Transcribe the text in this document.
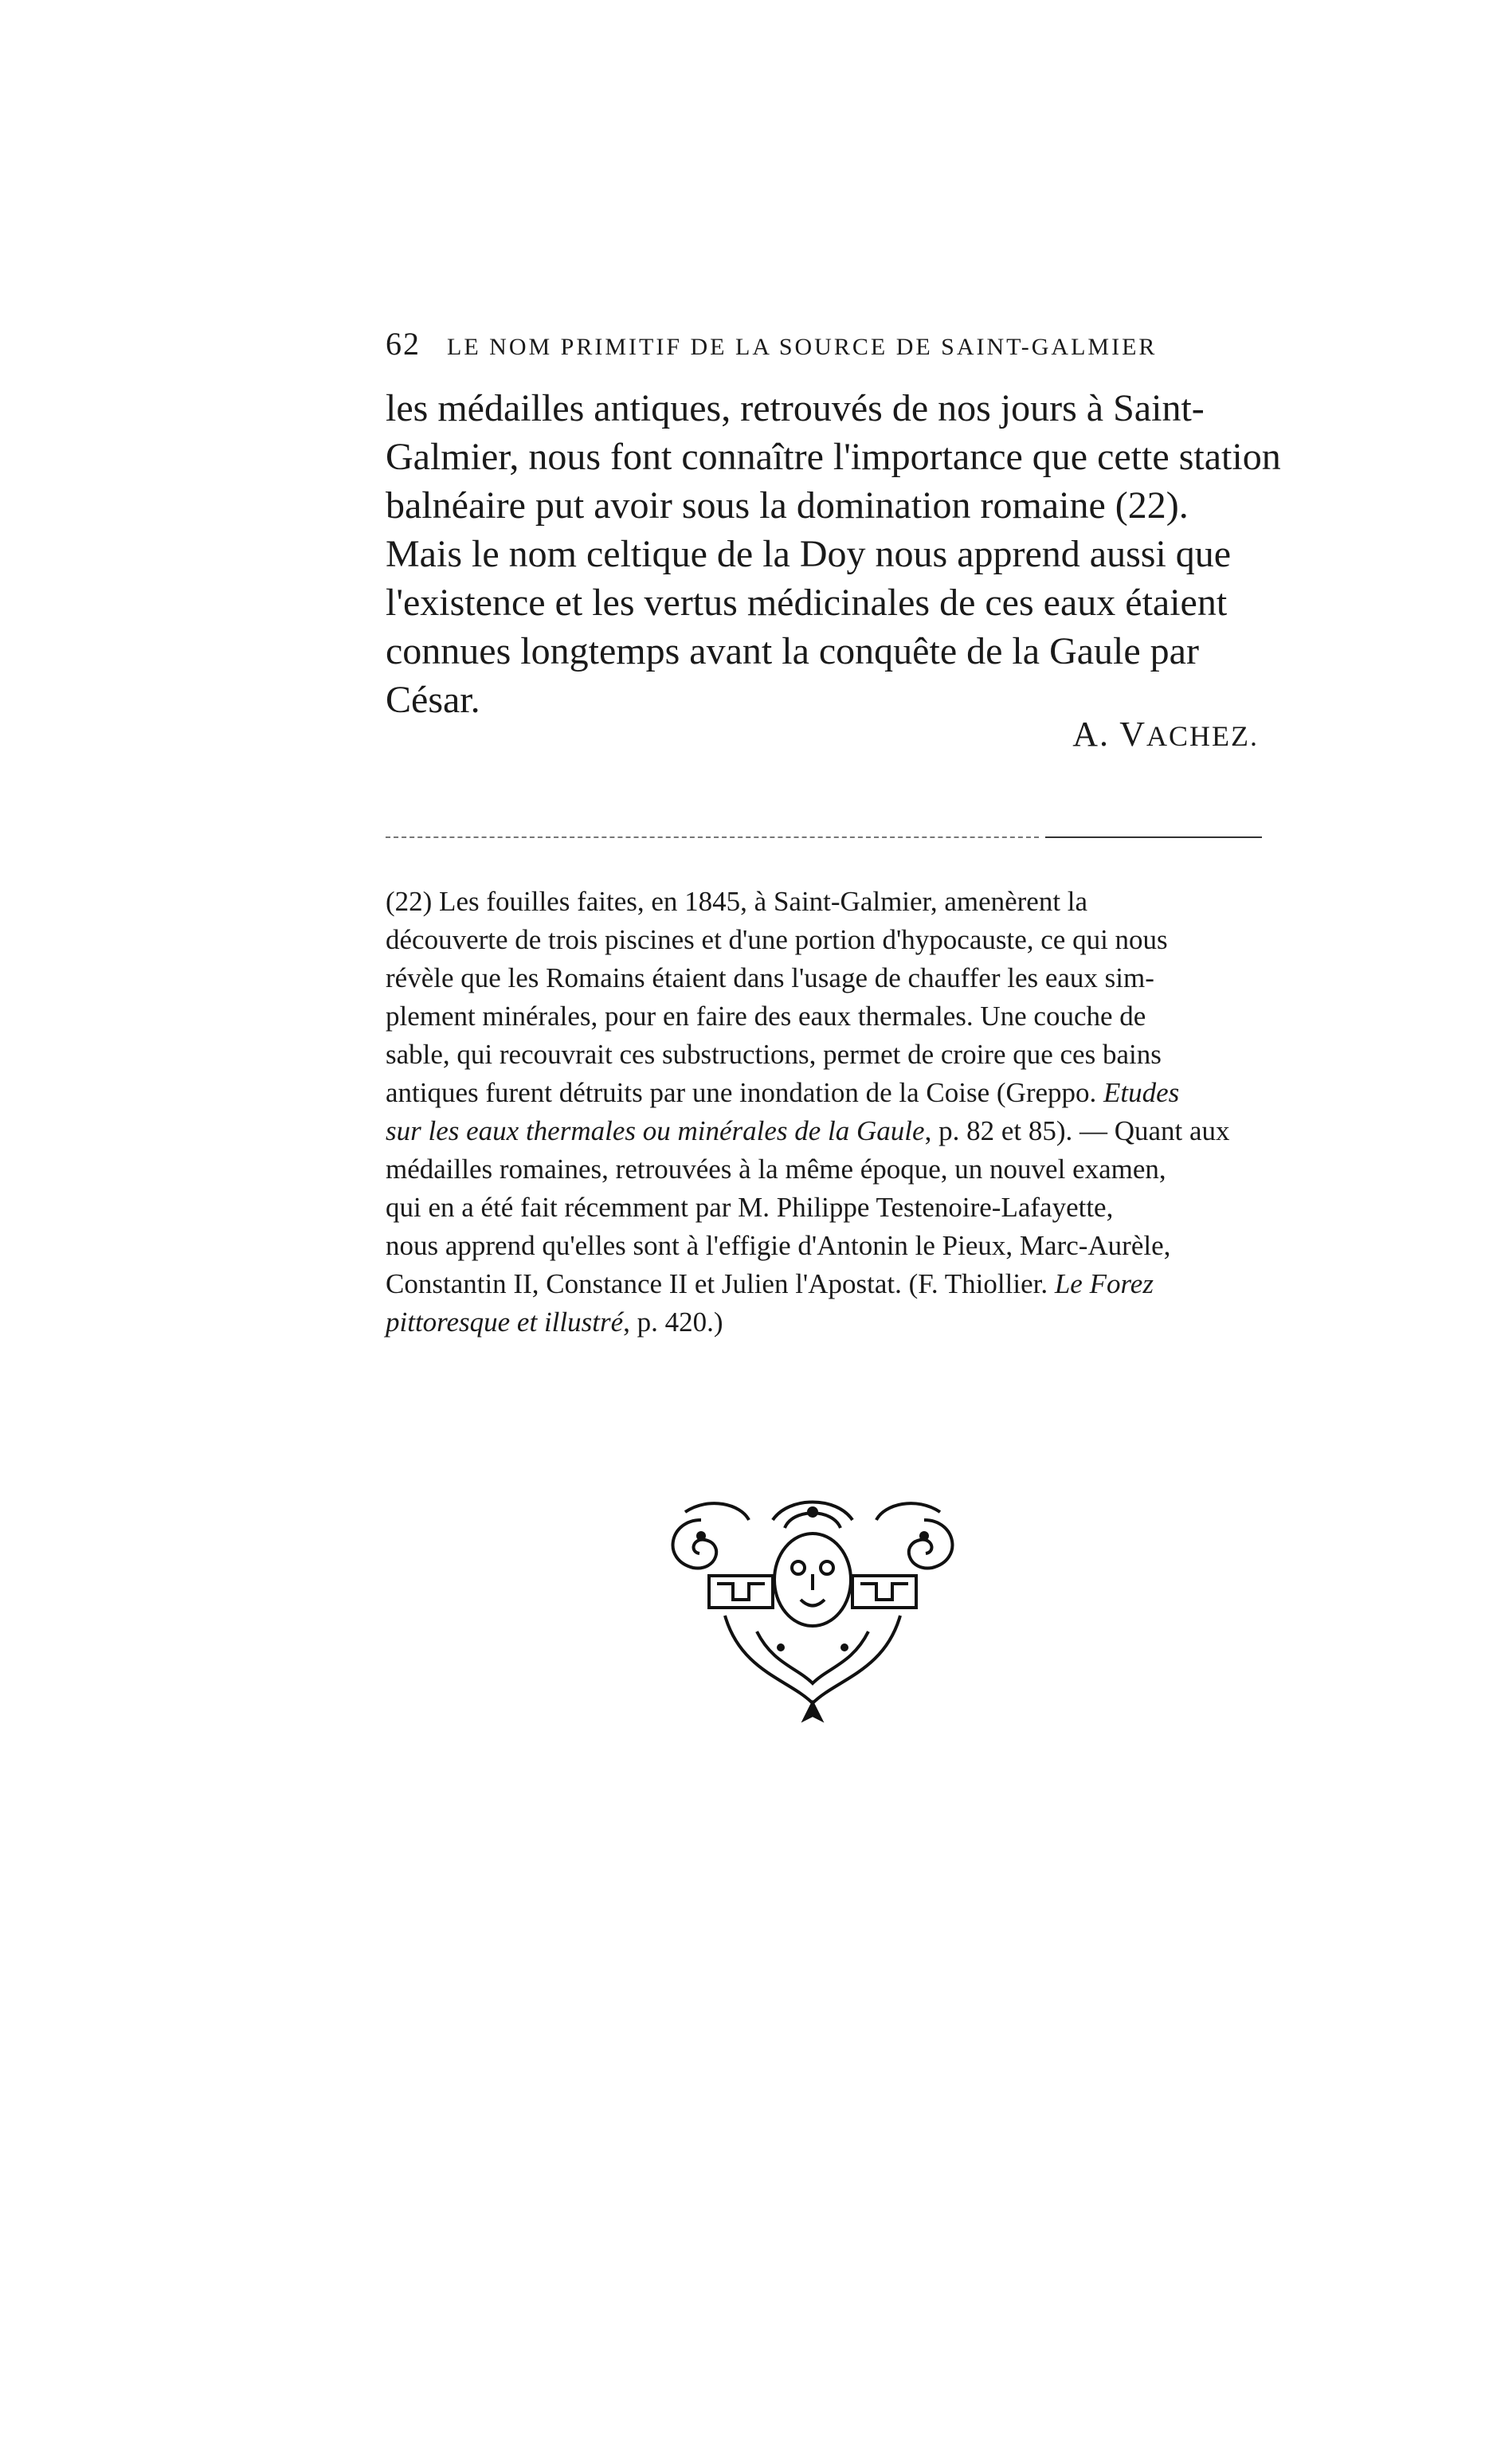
62 LE NOM PRIMITIF DE LA SOURCE DE SAINT-GALMIER
les médailles antiques, retrouvés de nos jours à Saint-
Galmier, nous font connaître l'importance que cette station
balnéaire put avoir sous la domination romaine (22).
Mais le nom celtique de la Doy nous apprend aussi que
l'existence et les vertus médicinales de ces eaux étaient
connues longtemps avant la conquête de la Gaule par
César.
A. VACHEZ.
(22) Les fouilles faites, en 1845, à Saint-Galmier, amenèrent la
découverte de trois piscines et d'une portion d'hypocauste, ce qui nous
révèle que les Romains étaient dans l'usage de chauffer les eaux sim-
plement minérales, pour en faire des eaux thermales. Une couche de
sable, qui recouvrait ces substructions, permet de croire que ces bains
antiques furent détruits par une inondation de la Coise (Greppo. Etudes
sur les eaux thermales ou minérales de la Gaule, p. 82 et 85). — Quant aux
médailles romaines, retrouvées à la même époque, un nouvel examen,
qui en a été fait récemment par M. Philippe Testenoire-Lafayette,
nous apprend qu'elles sont à l'effigie d'Antonin le Pieux, Marc-Aurèle,
Constantin II, Constance II et Julien l'Apostat. (F. Thiollier. Le Forez
pittoresque et illustré, p. 420.)
